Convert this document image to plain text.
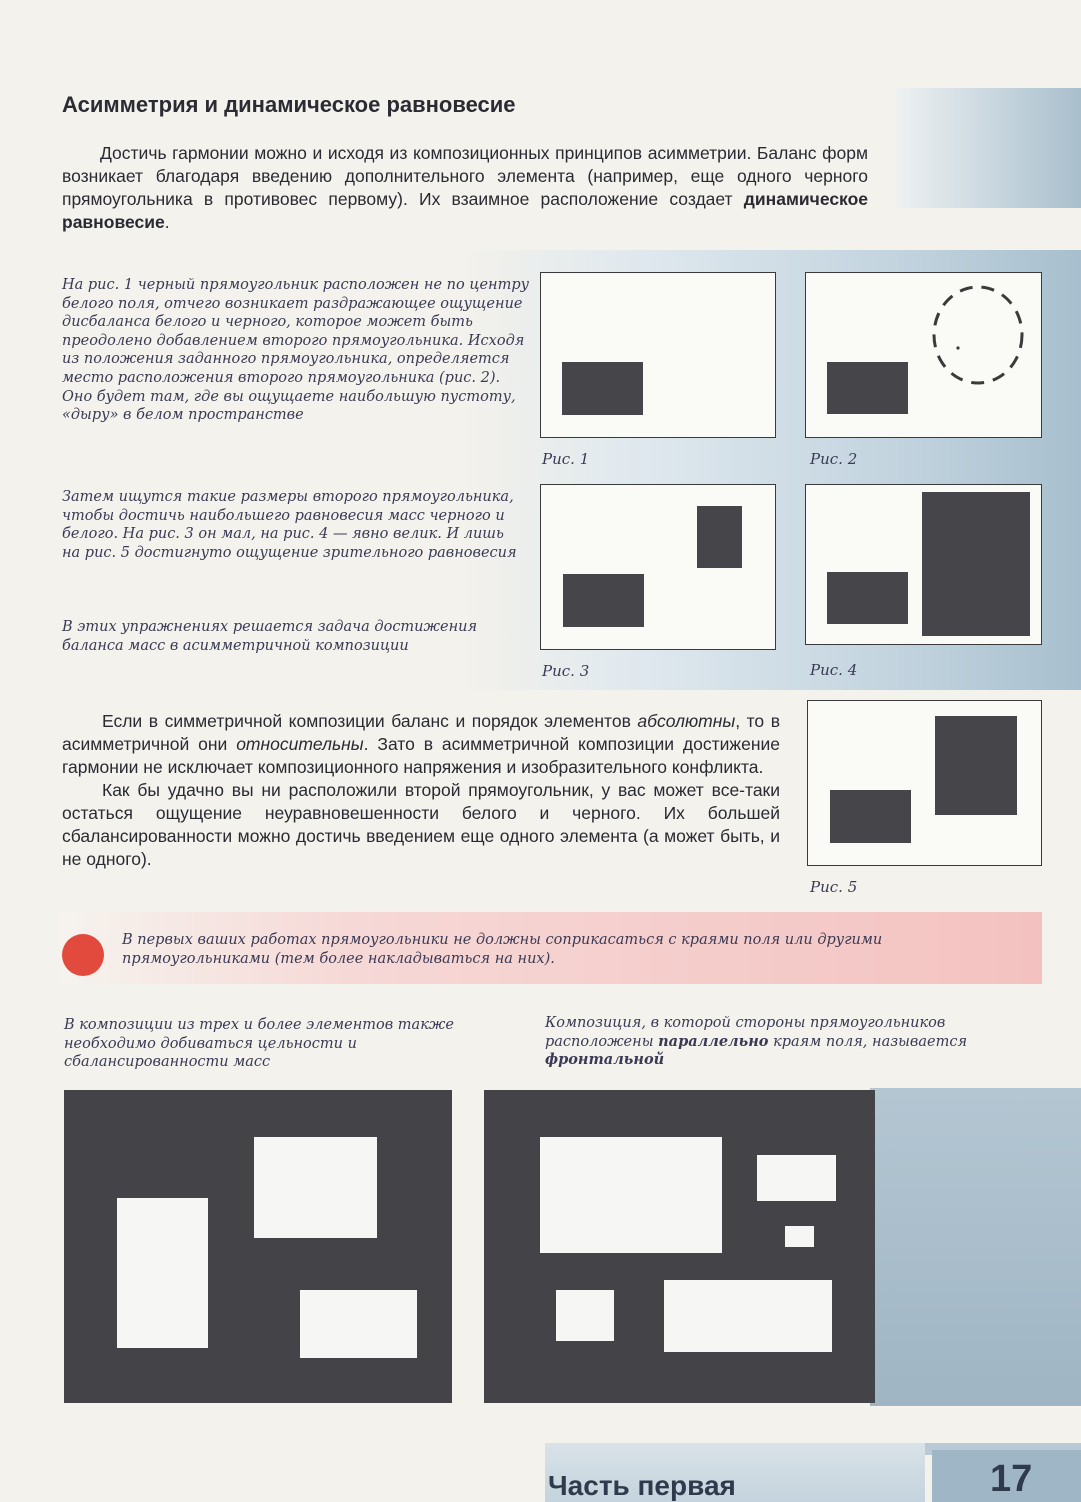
Асимметрия и динамическое равновесие

Достичь гармонии можно и исходя из композиционных принципов асимметрии. Баланс форм возникает благодаря введению дополнительного элемента (например, еще одного черного прямоугольника в противовес первому). Их взаимное расположение создает динамическое равновесие.

На рис. 1 черный прямоугольник расположен не по центру белого поля, отчего возникает раздражающее ощущение дисбаланса белого и черного, которое может быть преодолено добавлением второго прямоугольника. Исходя из положения заданного прямоугольника, определяется место расположения второго прямоугольника (рис. 2). Оно будет там, где вы ощущаете наибольшую пустоту, «дыру» в белом пространстве

Затем ищутся такие размеры второго прямоугольника, чтобы достичь наибольшего равновесия масс черного и белого. На рис. 3 он мал, на рис. 4 — явно велик. И лишь на рис. 5 достигнуто ощущение зрительного равновесия

В этих упражнениях решается задача достижения баланса масс в асимметричной композиции

Рис. 1	Рис. 2
Рис. 3	Рис. 4
Рис. 5

Если в симметричной композиции баланс и порядок элементов абсолютны, то в асимметричной они относительны. Зато в асимметричной композиции достижение гармонии не исключает композиционного напряжения и изобразительного конфликта.

Как бы удачно вы ни расположили второй прямоугольник, у вас может все-таки остаться ощущение неуравновешенности белого и черного. Их большей сбалансированности можно достичь введением еще одного элемента (а может быть, и не одного).

В первых ваших работах прямоугольники не должны соприкасаться с краями поля или другими прямоугольниками (тем более накладываться на них).
В композиции из трех и более элементов также необходимо добиваться цельности и сбалансированности масс
Композиция, в которой стороны прямоугольников расположены параллельно краям поля, называется фронтальной
Часть первая	17
